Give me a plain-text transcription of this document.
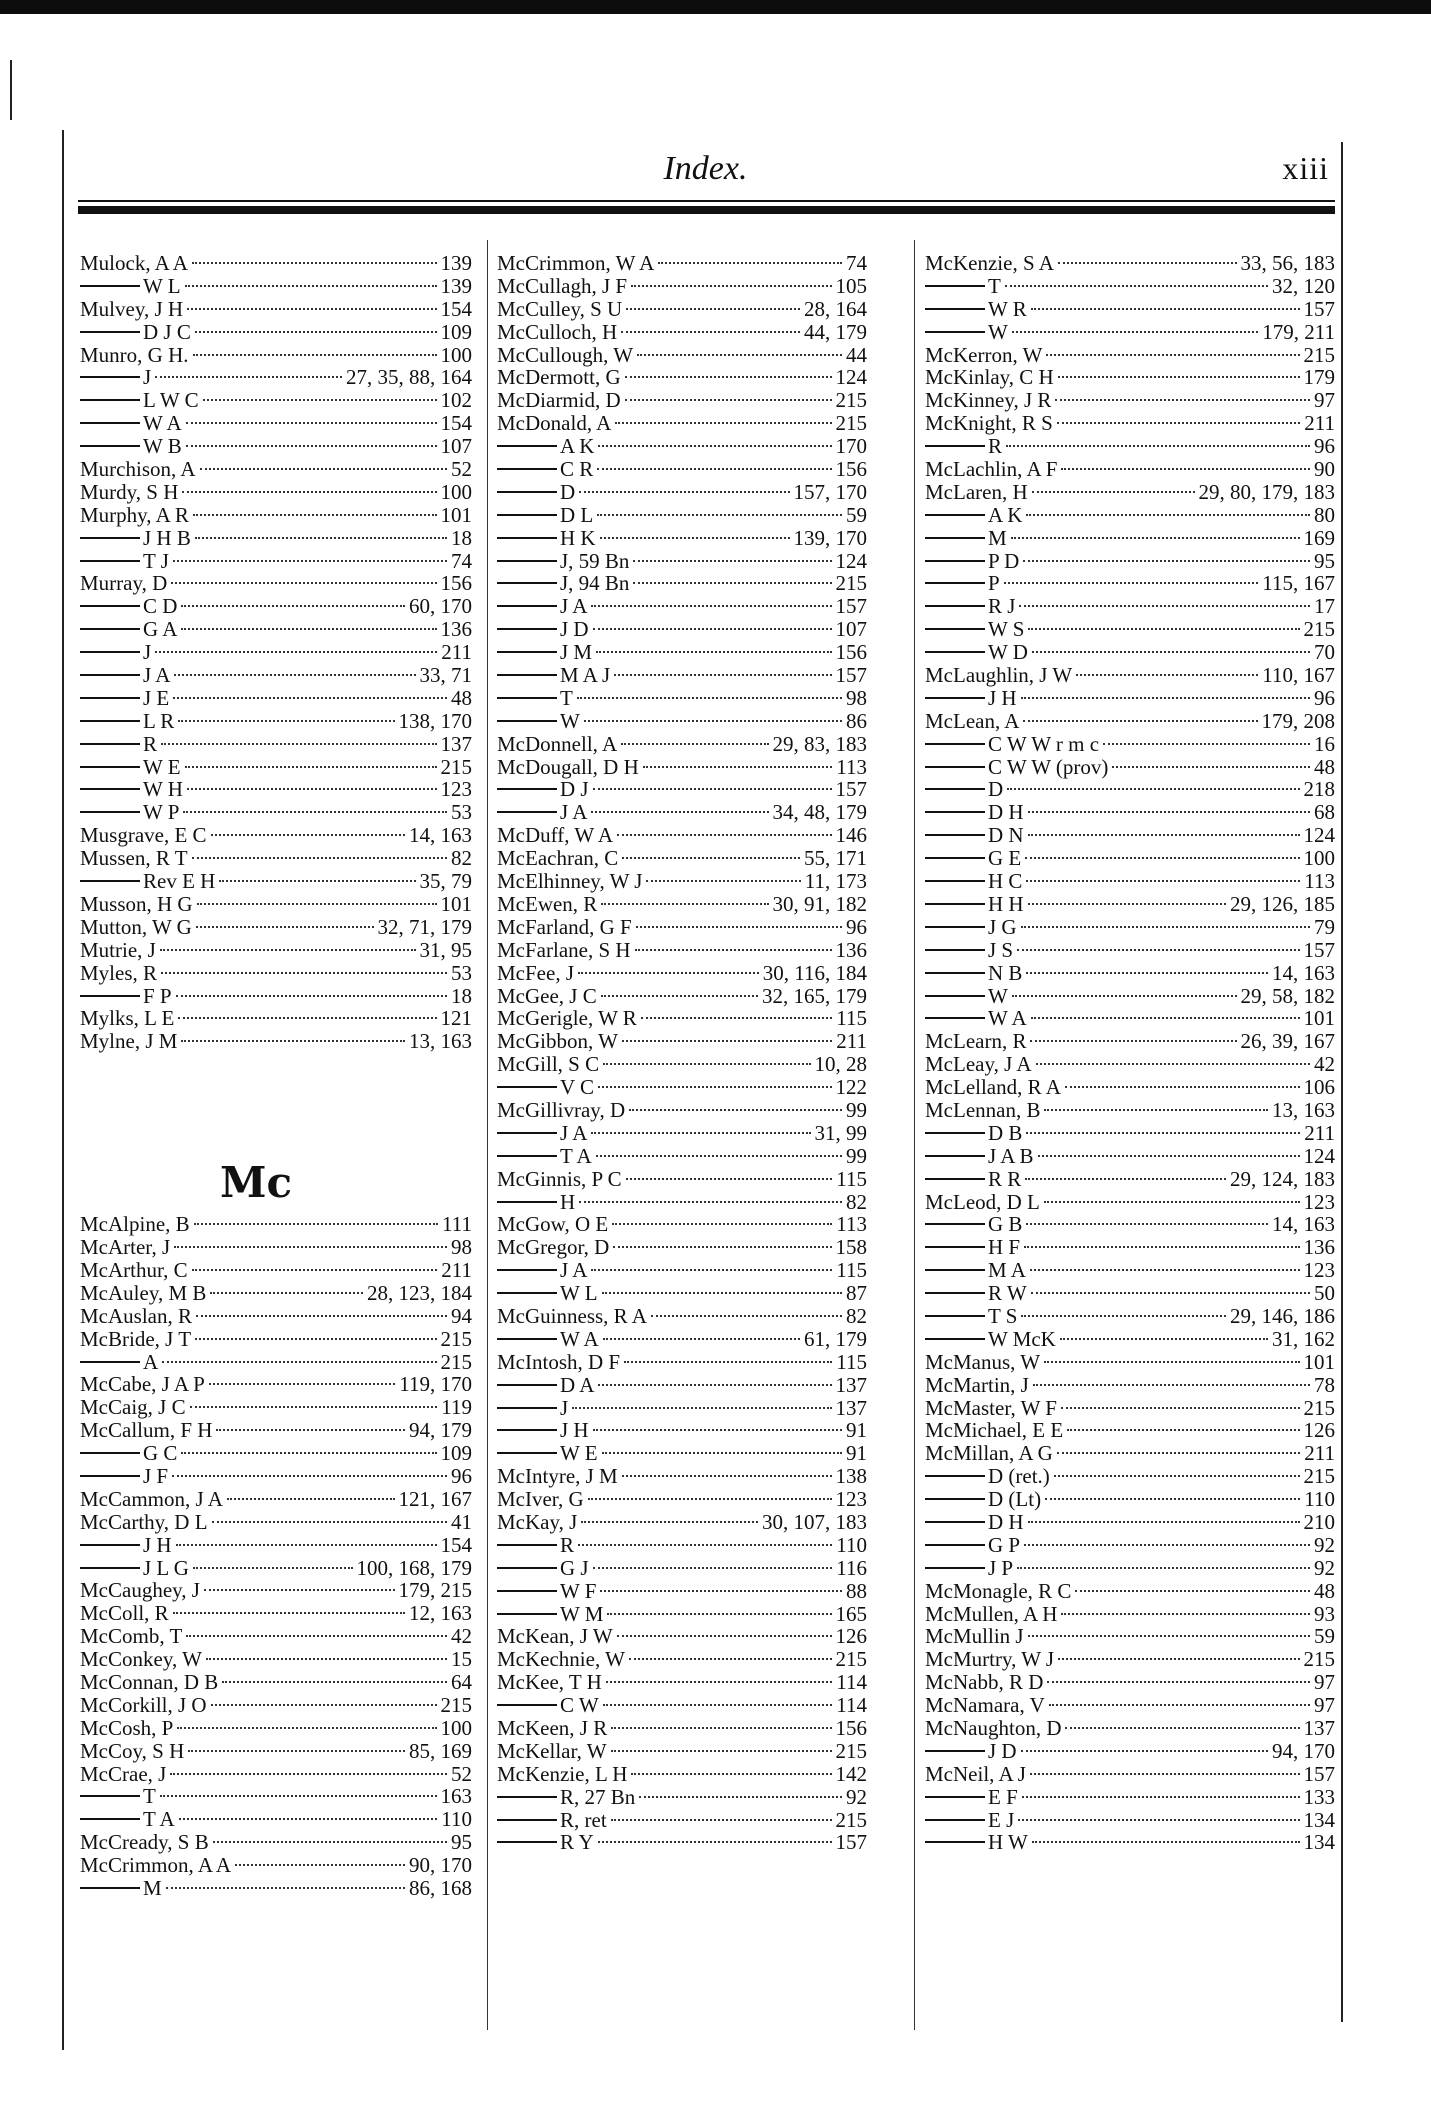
Index.	xiii
Mulock, A A	139
W L	139
Mulvey, J H	154
D J C	109
Munro, G H.	100
J	27, 35, 88, 164
L W C	102
W A	154
W B	107
Murchison, A	52
Murdy, S H	100
Murphy, A R	101
J H B	18
T J	74
Murray, D	156
C D	60, 170
G A	136
J	211
J A	33, 71
J E	48
L R	138, 170
R	137
W E	215
W H	123
W P	53
Musgrave, E C	14, 163
Mussen, R T	82
Rev E H	35, 79
Musson, H G	101
Mutton, W G	32, 71, 179
Mutrie, J	31, 95
Myles, R	53
F P	18
Mylks, L E	121
Mylne, J M	13, 163
Mc
McAlpine, B	111
McArter, J	98
McArthur, C	211
McAuley, M B	28, 123, 184
McAuslan, R	94
McBride, J T	215
A	215
McCabe, J A P	119, 170
McCaig, J C	119
McCallum, F H	94, 179
G C	109
J F	96
McCammon, J A	121, 167
McCarthy, D L	41
J H	154
J L G	100, 168, 179
McCaughey, J	179, 215
McColl, R	12, 163
McComb, T	42
McConkey, W	15
McConnan, D B	64
McCorkill, J O	215
McCosh, P	100
McCoy, S H	85, 169
McCrae, J	52
T	163
T A	110
McCready, S B	95
McCrimmon, A A	90, 170
M	86, 168
McCrimmon, W A	74
McCullagh, J F	105
McCulley, S U	28, 164
McCulloch, H	44, 179
McCullough, W	44
McDermott, G	124
McDiarmid, D	215
McDonald, A	215
A K	170
C R	156
D	157, 170
D L	59
H K	139, 170
J, 59 Bn	124
J, 94 Bn	215
J A	157
J D	107
J M	156
M A J	157
T	98
W	86
McDonnell, A	29, 83, 183
McDougall, D H	113
D J	157
J A	34, 48, 179
McDuff, W A	146
McEachran, C	55, 171
McElhinney, W J	11, 173
McEwen, R	30, 91, 182
McFarland, G F	96
McFarlane, S H	136
McFee, J	30, 116, 184
McGee, J C	32, 165, 179
McGerigle, W R	115
McGibbon, W	211
McGill, S C	10, 28
V C	122
McGillivray, D	99
J A	31, 99
T A	99
McGinnis, P C	115
H	82
McGow, O E	113
McGregor, D	158
J A	115
W L	87
McGuinness, R A	82
W A	61, 179
McIntosh, D F	115
D A	137
J	137
J H	91
W E	91
McIntyre, J M	138
McIver, G	123
McKay, J	30, 107, 183
R	110
G J	116
W F	88
W M	165
McKean, J W	126
McKechnie, W	215
McKee, T H	114
C W	114
McKeen, J R	156
McKellar, W	215
McKenzie, L H	142
R, 27 Bn	92
R, ret	215
R Y	157
McKenzie, S A	33, 56, 183
T	32, 120
W R	157
W	179, 211
McKerron, W	215
McKinlay, C H	179
McKinney, J R	97
McKnight, R S	211
R	96
McLachlin, A F	90
McLaren, H	29, 80, 179, 183
A K	80
M	169
P D	95
P	115, 167
R J	17
W S	215
W D	70
McLaughlin, J W	110, 167
J H	96
McLean, A	179, 208
C W W r m c	16
C W W (prov)	48
D	218
D H	68
D N	124
G E	100
H C	113
H H	29, 126, 185
J G	79
J S	157
N B	14, 163
W	29, 58, 182
W A	101
McLearn, R	26, 39, 167
McLeay, J A	42
McLelland, R A	106
McLennan, B	13, 163
D B	211
J A B	124
R R	29, 124, 183
McLeod, D L	123
G B	14, 163
H F	136
M A	123
R W	50
T S	29, 146, 186
W McK	31, 162
McManus, W	101
McMartin, J	78
McMaster, W F	215
McMichael, E E	126
McMillan, A G	211
D (ret.)	215
D (Lt)	110
D H	210
G P	92
J P	92
McMonagle, R C	48
McMullen, A H	93
McMullin J	59
McMurtry, W J	215
McNabb, R D	97
McNamara, V	97
McNaughton, D	137
J D	94, 170
McNeil, A J	157
E F	133
E J	134
H W	134
